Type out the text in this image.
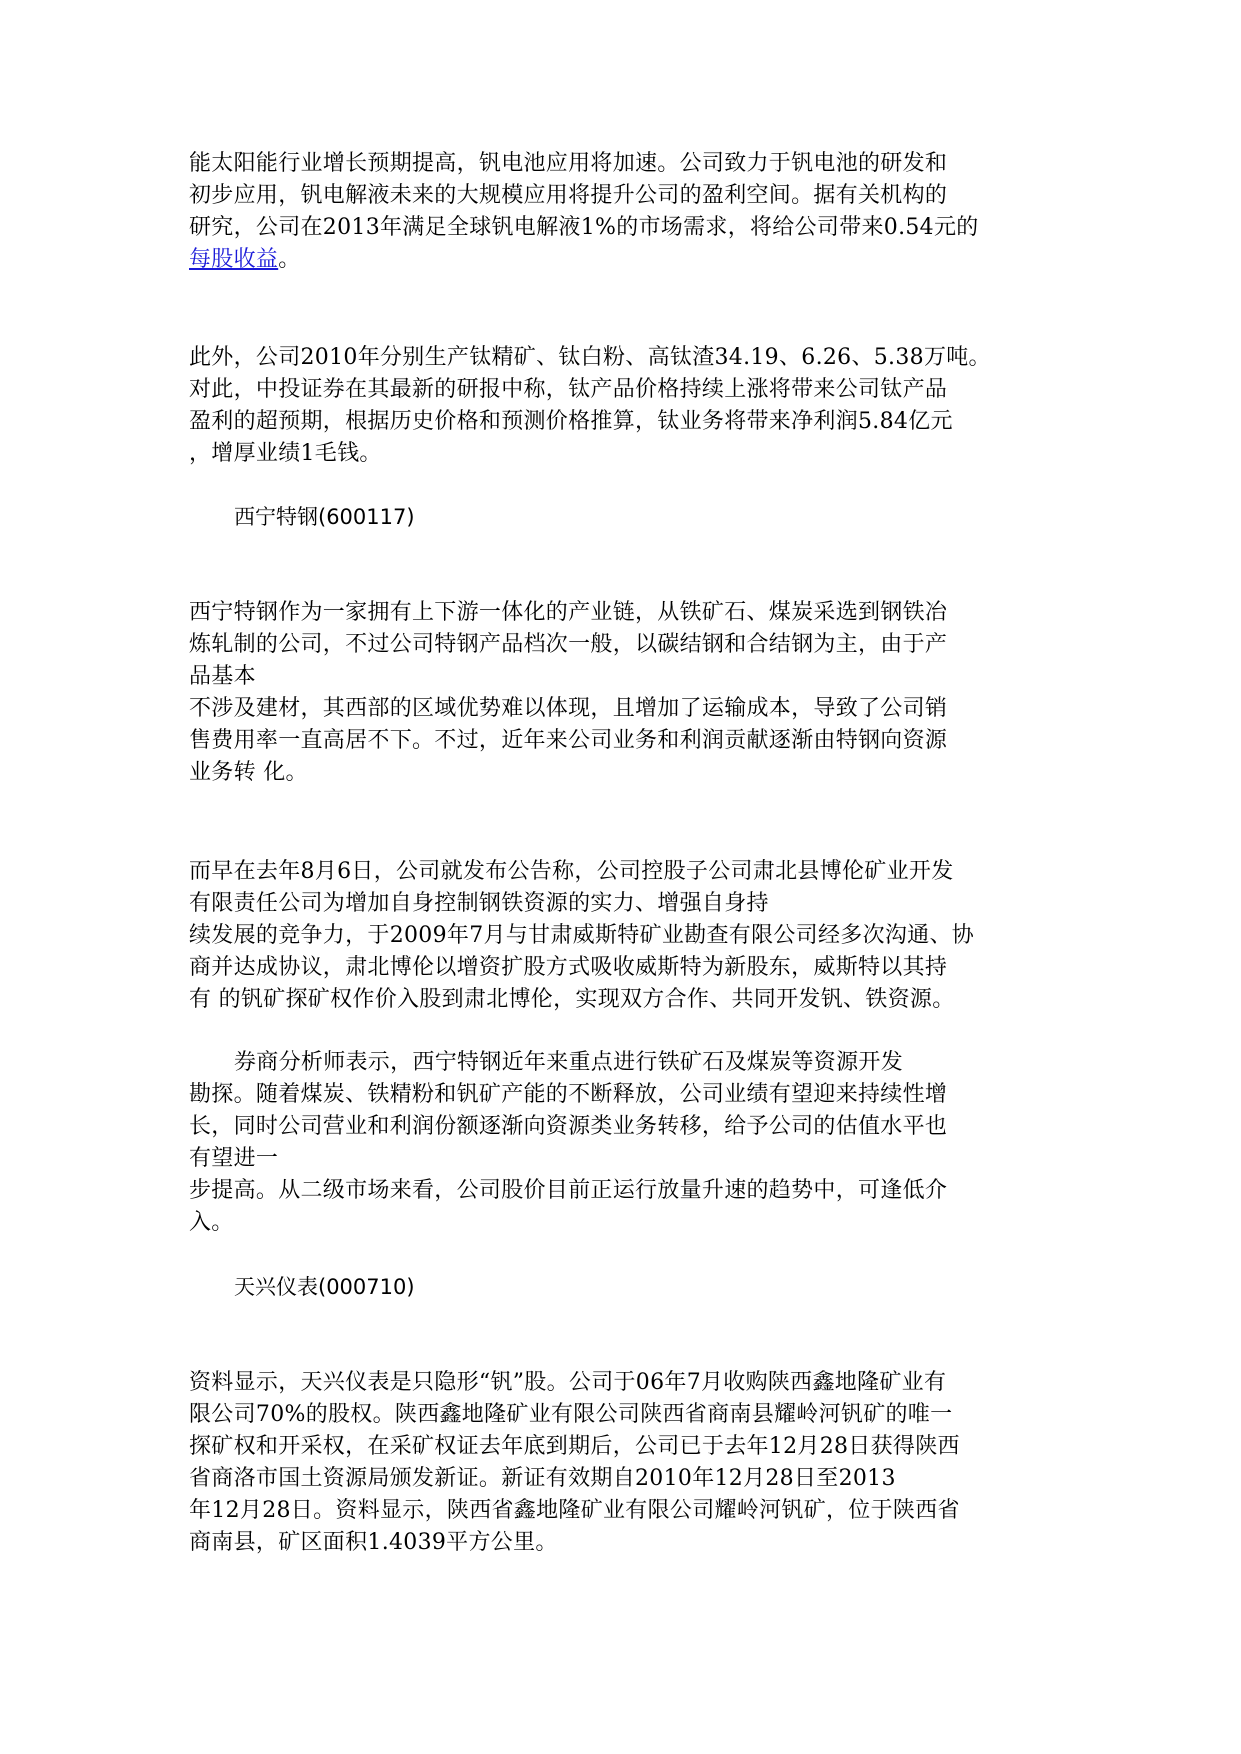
能太阳能行业增长预期提高，钒电池应用将加速。公司致力于钒电池的研发和
初步应用，钒电解液未来的大规模应用将提升公司的盈利空间。据有关机构的
研究，公司在2013年满足全球钒电解液1%的市场需求，将给公司带来0.54元的
每股收益。
此外，公司2010年分别生产钛精矿、钛白粉、高钛渣34.19、6.26、5.38万吨。
对此，中投证券在其最新的研报中称，钛产品价格持续上涨将带来公司钛产品
盈利的超预期，根据历史价格和预测价格推算，钛业务将带来净利润5.84亿元
，增厚业绩1毛钱。
西宁特钢(600117)
西宁特钢作为一家拥有上下游一体化的产业链，从铁矿石、煤炭采选到钢铁冶
炼轧制的公司，不过公司特钢产品档次一般，以碳结钢和合结钢为主，由于产
品基本
不涉及建材，其西部的区域优势难以体现，且增加了运输成本，导致了公司销
售费用率一直高居不下。不过，近年来公司业务和利润贡献逐渐由特钢向资源
业务转 化。
而早在去年8月6日，公司就发布公告称，公司控股子公司肃北县博伦矿业开发
有限责任公司为增加自身控制钢铁资源的实力、增强自身持
续发展的竞争力，于2009年7月与甘肃威斯特矿业勘查有限公司经多次沟通、协
商并达成协议，肃北博伦以增资扩股方式吸收威斯特为新股东，威斯特以其持
有 的钒矿探矿权作价入股到肃北博伦，实现双方合作、共同开发钒、铁资源。
券商分析师表示，西宁特钢近年来重点进行铁矿石及煤炭等资源开发
勘探。随着煤炭、铁精粉和钒矿产能的不断释放，公司业绩有望迎来持续性增
长，同时公司营业和利润份额逐渐向资源类业务转移，给予公司的估值水平也
有望进一
步提高。从二级市场来看，公司股价目前正运行放量升速的趋势中，可逢低介
入。
天兴仪表(000710)
资料显示，天兴仪表是只隐形“钒”股。公司于06年7月收购陕西鑫地隆矿业有
限公司70%的股权。陕西鑫地隆矿业有限公司陕西省商南县耀岭河钒矿的唯一
探矿权和开采权，在采矿权证去年底到期后，公司已于去年12月28日获得陕西
省商洛市国土资源局颁发新证。新证有效期自2010年12月28日至2013
年12月28日。资料显示，陕西省鑫地隆矿业有限公司耀岭河钒矿，位于陕西省
商南县，矿区面积1.4039平方公里。
